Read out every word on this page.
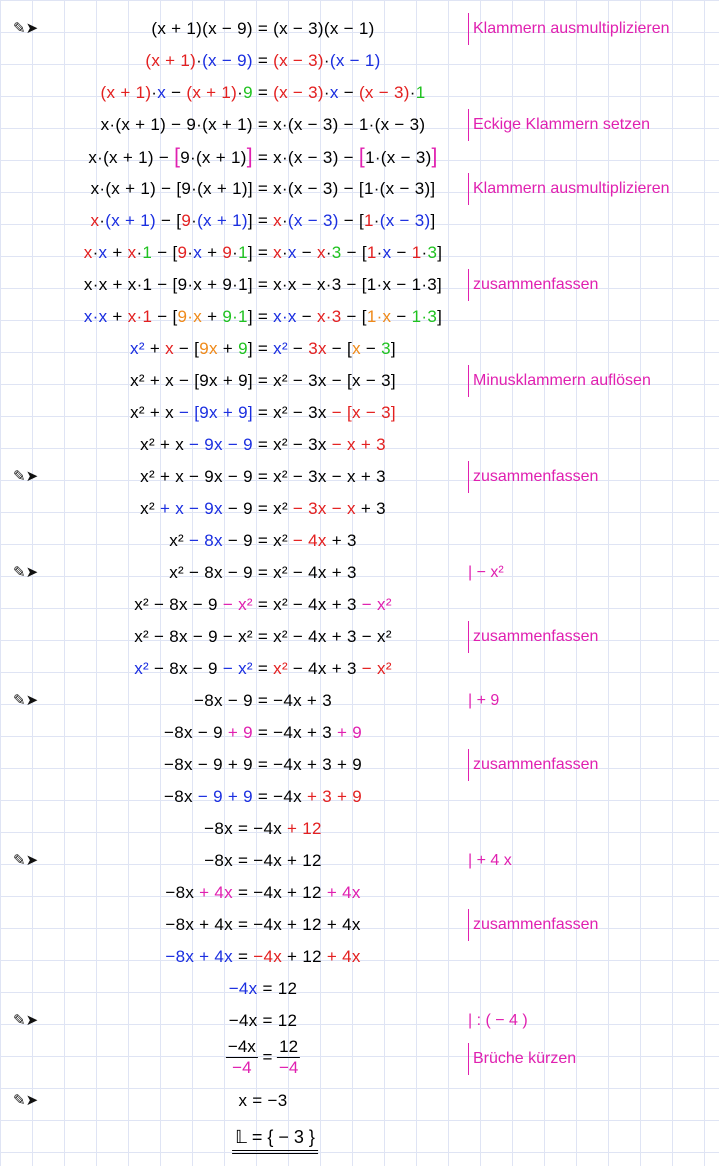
✎➤	(x + 1)(x − 9) = (x − 3)(x − 1)	Klammern ausmultiplizieren
(x + 1)·(x − 9) = (x − 3)·(x − 1)
(x + 1)·x − (x + 1)·9 = (x − 3)·x − (x − 3)·1
x·(x + 1) − 9·(x + 1) = x·(x − 3) − 1·(x − 3)	Eckige Klammern setzen
x·(x + 1) − [9·(x + 1)] = x·(x − 3) − [1·(x − 3)]
x·(x + 1) − [9·(x + 1)] = x·(x − 3) − [1·(x − 3)]	Klammern ausmultiplizieren
x·(x + 1) − [9·(x + 1)] = x·(x − 3) − [1·(x − 3)]
x·x + x·1 − [9·x + 9·1] = x·x − x·3 − [1·x − 1·3]
x·x + x·1 − [9·x + 9·1] = x·x − x·3 − [1·x − 1·3]	zusammenfassen
x·x + x·1 − [9·x + 9·1] = x·x − x·3 − [1·x − 1·3]
x² + x − [9x + 9] = x² − 3x − [x − 3]
x² + x − [9x + 9] = x² − 3x − [x − 3]	Minusklammern auflösen
x² + x − [9x + 9] = x² − 3x − [x − 3]
x² + x − 9x − 9 = x² − 3x − x + 3
✎➤	x² + x − 9x − 9 = x² − 3x − x + 3	zusammenfassen
x² + x − 9x − 9 = x² − 3x − x + 3
x² − 8x − 9 = x² − 4x + 3
✎➤	x² − 8x − 9 = x² − 4x + 3	| − x²
x² − 8x − 9 − x² = x² − 4x + 3 − x²
x² − 8x − 9 − x² = x² − 4x + 3 − x²	zusammenfassen
x² − 8x − 9 − x² = x² − 4x + 3 − x²
✎➤	−8x − 9 = −4x + 3	| + 9
−8x − 9 + 9 = −4x + 3 + 9
−8x − 9 + 9 = −4x + 3 + 9	zusammenfassen
−8x − 9 + 9 = −4x + 3 + 9
−8x = −4x + 12
✎➤	−8x = −4x + 12	| + 4 x
−8x + 4x = −4x + 12 + 4x
−8x + 4x = −4x + 12 + 4x	zusammenfassen
−8x + 4x = −4x + 12 + 4x
−4x = 12
✎➤	−4x = 12	| : ( − 4 )
$\frac{-4x}{-4} = \frac{12}{-4}$	Brüche kürzen
✎➤	x = −3
𝕃 = { − 3 }
